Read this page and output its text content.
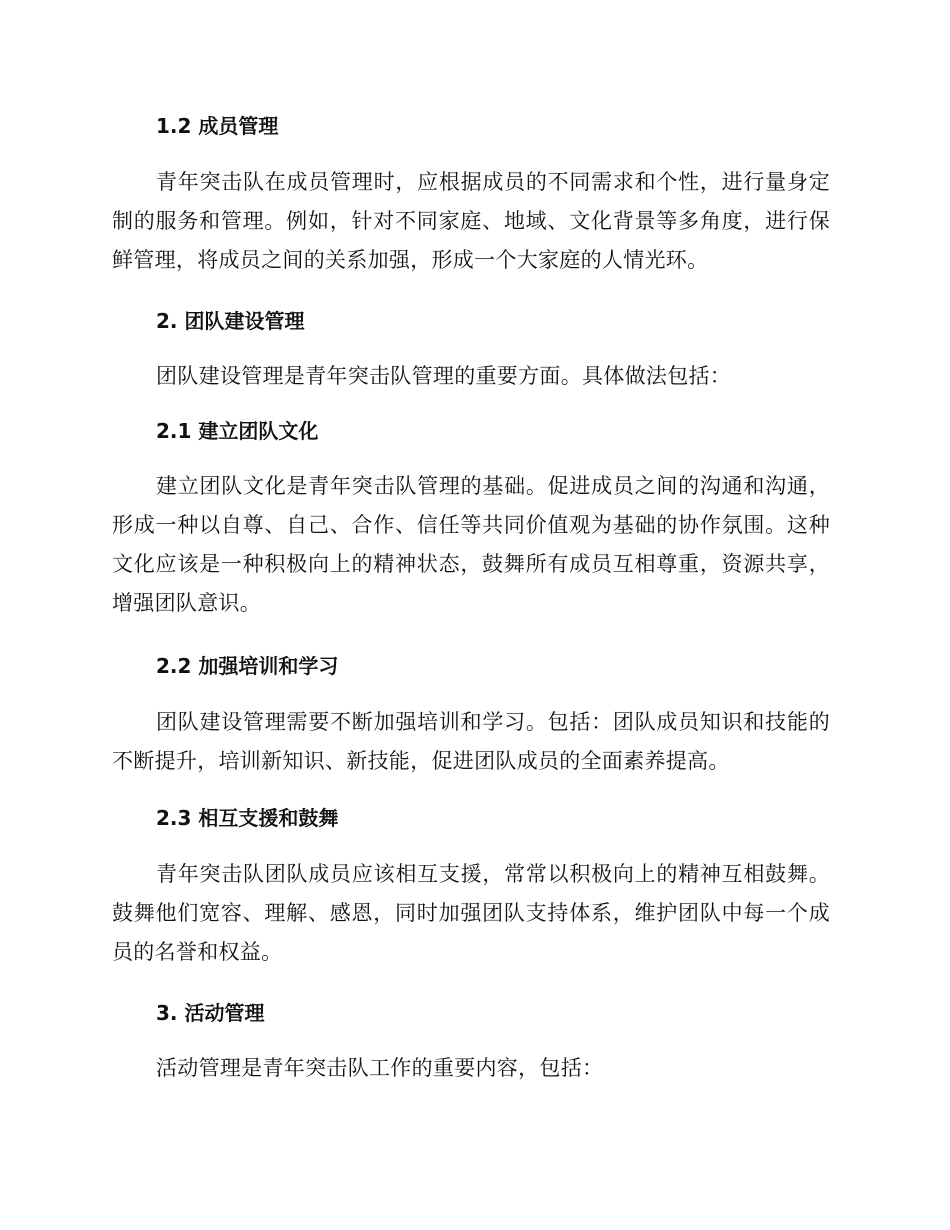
1.2 成员管理

青年突击队在成员管理时，应根据成员的不同需求和个性，进行量身定制的服务和管理。例如，针对不同家庭、地域、文化背景等多角度，进行保鲜管理，将成员之间的关系加强，形成一个大家庭的人情光环。

2. 团队建设管理

团队建设管理是青年突击队管理的重要方面。具体做法包括：

2.1 建立团队文化

建立团队文化是青年突击队管理的基础。促进成员之间的沟通和沟通，形成一种以自尊、自己、合作、信任等共同价值观为基础的协作氛围。这种文化应该是一种积极向上的精神状态，鼓舞所有成员互相尊重，资源共享，增强团队意识。

2.2 加强培训和学习

团队建设管理需要不断加强培训和学习。包括：团队成员知识和技能的不断提升，培训新知识、新技能，促进团队成员的全面素养提高。

2.3 相互支援和鼓舞

青年突击队团队成员应该相互支援，常常以积极向上的精神互相鼓舞。鼓舞他们宽容、理解、感恩，同时加强团队支持体系，维护团队中每一个成员的名誉和权益。

3. 活动管理

活动管理是青年突击队工作的重要内容，包括：
